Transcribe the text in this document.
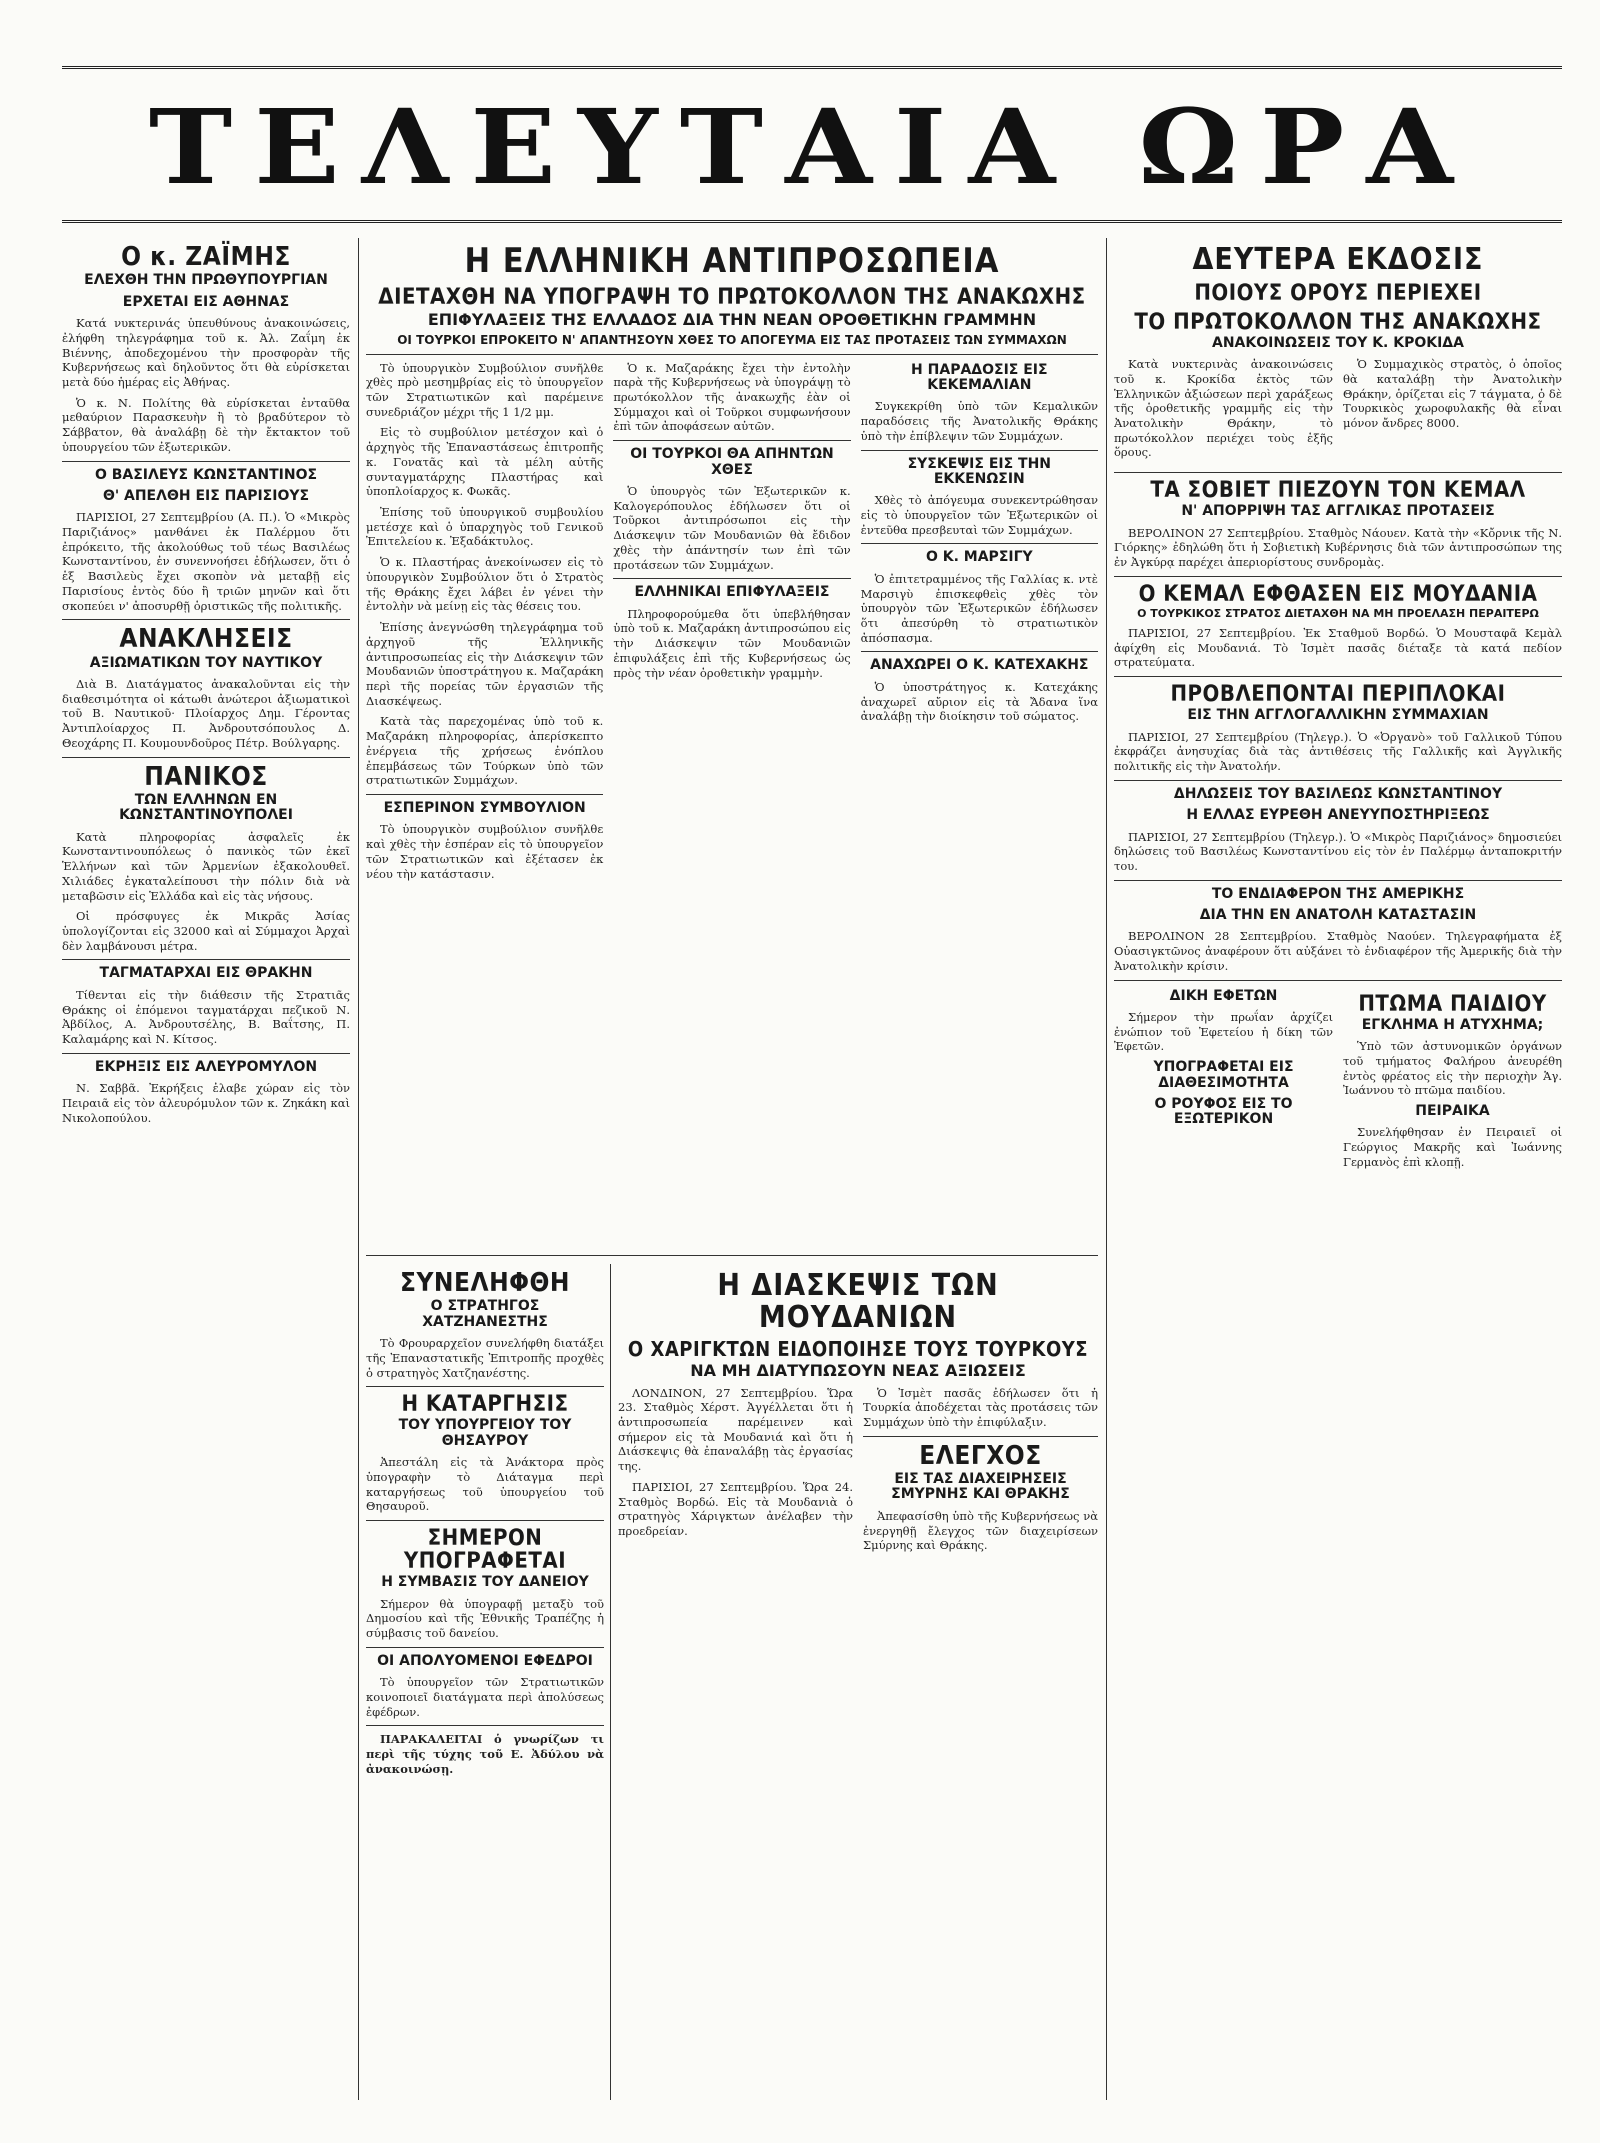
ΤΕΛΕΥΤΑΙΑ ΩΡΑ
Ο κ. ΖΑΪΜΗΣ
ΕΛΕΧΘΗ ΤΗΝ ΠΡΩΘΥΠΟΥΡΓΙΑΝ
ΕΡΧΕΤΑΙ ΕΙΣ ΑΘΗΝΑΣ

Κατά νυκτερινάς ὑπευθύνους ἀνακοινώσεις, ἐλήφθη τηλεγράφημα τοῦ κ. Ἀλ. Ζαΐμη ἐκ Βιέννης, ἀποδεχομένου τὴν προσφορὰν τῆς Κυβερνήσεως καὶ δηλοῦντος ὅτι θὰ εὑρίσκεται μετὰ δύο ἡμέρας εἰς Ἀθήνας.

Ὁ κ. Ν. Πολίτης θὰ εὑρίσκεται ἐνταῦθα μεθαύριον Παρασκευὴν ἢ τὸ βραδύτερον τὸ Σάββατον, θὰ ἀναλάβῃ δὲ τὴν ἔκτακτον τοῦ ὑπουργείου τῶν ἐξωτερικῶν.

Ο ΒΑΣΙΛΕΥΣ ΚΩΝΣΤΑΝΤΙΝΟΣ
Θ' ΑΠΕΛΘΗ ΕΙΣ ΠΑΡΙΣΙΟΥΣ

ΠΑΡΙΣΙΟΙ, 27 Σεπτεμβρίου (Α. Π.). Ὁ «Μικρὸς Παριζιάνος» μανθάνει ἐκ Παλέρμου ὅτι ἐπρόκειτο, τῆς ἀκολούθως τοῦ τέως Βασιλέως Κωνσταντίνου, ἐν συνεννοήσει ἐδήλωσεν, ὅτι ὁ ἑξ Βασιλεὺς ἔχει σκοπὸν νὰ μεταβῇ εἰς Παρισίους ἐντὸς δύο ἢ τριῶν μηνῶν καὶ ὅτι σκοπεύει ν' ἀποσυρθῇ ὁριστικῶς τῆς πολιτικῆς.

ΑΝΑΚΛΗΣΕΙΣ
ΑΞΙΩΜΑΤΙΚΩΝ ΤΟΥ ΝΑΥΤΙΚΟΥ

Διὰ Β. Διατάγματος ἀνακαλοῦνται εἰς τὴν διαθεσιμότητα οἱ κάτωθι ἀνώτεροι ἀξιωματικοὶ τοῦ Β. Ναυτικοῦ· Πλοίαρχος Δημ. Γέροντας Ἀντιπλοίαρχος Π. Ἀνδρουτσόπουλος Δ. Θεοχάρης Π. Κουμουνδοῦρος Πέτρ. Βούλγαρης.

ΠΑΝΙΚΟΣ
ΤΩΝ ΕΛΛΗΝΩΝ ΕΝ ΚΩΝΣΤΑΝΤΙΝΟΥΠΟΛΕΙ

Κατὰ πληροφορίας ἀσφαλεῖς ἐκ Κωνσταντινουπόλεως ὁ πανικὸς τῶν ἐκεῖ Ἑλλήνων καὶ τῶν Ἀρμενίων ἐξακολουθεῖ. Χιλιάδες ἐγκαταλείπουσι τὴν πόλιν διὰ νὰ μεταβῶσιν εἰς Ἑλλάδα καὶ εἰς τὰς νήσους.

Οἱ πρόσφυγες ἐκ Μικρᾶς Ἀσίας ὑπολογίζονται εἰς 32000 καὶ αἱ Σύμμαχοι Ἀρχαὶ δὲν λαμβάνουσι μέτρα.

ΤΑΓΜΑΤΑΡΧΑΙ ΕΙΣ ΘΡΑΚΗΝ

Τίθενται εἰς τὴν διάθεσιν τῆς Στρατιᾶς Θράκης οἱ ἑπόμενοι ταγματάρχαι πεζικοῦ Ν. Ἀβδίλος, Α. Ἀνδρουτσέλης, Β. Βαΐτσης, Π. Καλαμάρης καὶ Ν. Κίτσος.

ΕΚΡΗΞΙΣ ΕΙΣ ΑΛΕΥΡΟΜΥΛΟΝ

Ν. Σαββᾶ. Ἐκρήξεις ἐλαβε χώραν εἰς τὸν Πειραιᾶ εἰς τὸν ἀλευρόμυλον τῶν κ. Ζηκάκη καὶ Νικολοπούλου.

Η ΕΛΛΗΝΙΚΗ ΑΝΤΙΠΡΟΣΩΠΕΙΑ
ΔΙΕΤΑΧΘΗ ΝΑ ΥΠΟΓΡΑΨΗ ΤΟ ΠΡΩΤΟΚΟΛΛΟΝ ΤΗΣ ΑΝΑΚΩΧΗΣ
ΕΠΙΦΥΛΑΞΕΙΣ ΤΗΣ ΕΛΛΑΔΟΣ ΔΙΑ ΤΗΝ ΝΕΑΝ ΟΡΟΘΕΤΙΚΗΝ ΓΡΑΜΜΗΝ
ΟΙ ΤΟΥΡΚΟΙ ΕΠΡΟΚΕΙΤΟ Ν' ΑΠΑΝΤΗΣΟΥΝ ΧΘΕΣ ΤΟ ΑΠΟΓΕΥΜΑ ΕΙΣ ΤΑΣ ΠΡΟΤΑΣΕΙΣ ΤΩΝ ΣΥΜΜΑΧΩΝ

Τὸ ὑπουργικὸν Συμβούλιον συνῆλθε χθὲς πρὸ μεσημβρίας εἰς τὸ ὑπουργεῖον τῶν Στρατιωτικῶν καὶ παρέμεινε συνεδριάζον μέχρι τῆς 1 1/2 μμ.

Εἰς τὸ συμβούλιον μετέσχον καὶ ὁ ἀρχηγὸς τῆς Ἐπαναστάσεως ἐπιτροπῆς κ. Γονατᾶς καὶ τὰ μέλη αὐτῆς συνταγματάρχης Πλαστήρας καὶ ὑποπλοίαρχος κ. Φωκᾶς.

Ἐπίσης τοῦ ὑπουργικοῦ συμβουλίου μετέσχε καὶ ὁ ὑπαρχηγὸς τοῦ Γενικοῦ Ἐπιτελείου κ. Ἐξαδάκτυλος.

Ὁ κ. Πλαστήρας ἀνεκοίνωσεν εἰς τὸ ὑπουργικὸν Συμβούλιον ὅτι ὁ Στρατὸς τῆς Θράκης ἔχει λάβει ἐν γένει τὴν ἐντολὴν νὰ μείνῃ εἰς τὰς θέσεις του.

Ἐπίσης ἀνεγνώσθη τηλεγράφημα τοῦ ἀρχηγοῦ τῆς Ἑλληνικῆς ἀντιπροσωπείας εἰς τὴν Διάσκεψιν τῶν Μουδανιῶν ὑποστράτηγου κ. Μαζαράκη περὶ τῆς πορείας τῶν ἐργασιῶν τῆς Διασκέψεως.

Κατὰ τὰς παρεχομένας ὑπὸ τοῦ κ. Μαζαράκη πληροφορίας, ἀπερίσκεπτο ἐνέργεια τῆς χρήσεως ἐνόπλου ἐπεμβάσεως τῶν Τούρκων ὑπὸ τῶν στρατιωτικῶν Συμμάχων.

ΕΣΠΕΡΙΝΟΝ ΣΥΜΒΟΥΛΙΟΝ

Τὸ ὑπουργικὸν συμβούλιον συνῆλθε καὶ χθὲς τὴν ἑσπέραν εἰς τὸ ὑπουργεῖον τῶν Στρατιωτικῶν καὶ ἐξέτασεν ἐκ νέου τὴν κατάστασιν.

Ὁ κ. Μαζαράκης ἔχει τὴν ἐντολὴν παρὰ τῆς Κυβερνήσεως νὰ ὑπογράψῃ τὸ πρωτόκολλον τῆς ἀνακωχῆς ἐὰν οἱ Σύμμαχοι καὶ οἱ Τοῦρκοι συμφωνήσουν ἐπὶ τῶν ἀποφάσεων αὐτῶν.

ΟΙ ΤΟΥΡΚΟΙ ΘΑ ΑΠΗΝΤΩΝ ΧΘΕΣ

Ὁ ὑπουργὸς τῶν Ἐξωτερικῶν κ. Καλογερόπουλος ἐδήλωσεν ὅτι οἱ Τοῦρκοι ἀντιπρόσωποι εἰς τὴν Διάσκεψιν τῶν Μουδανιῶν θὰ ἔδιδον χθὲς τὴν ἀπάντησίν των ἐπὶ τῶν προτάσεων τῶν Συμμάχων.

ΕΛΛΗΝΙΚΑΙ ΕΠΙΦΥΛΑΞΕΙΣ

Πληροφορούμεθα ὅτι ὑπεβλήθησαν ὑπὸ τοῦ κ. Μαζαράκη ἀντιπροσώπου εἰς τὴν Διάσκεψιν τῶν Μουδανιῶν ἐπιφυλάξεις ἐπὶ τῆς Κυβερνήσεως ὡς πρὸς τὴν νέαν ὁροθετικὴν γραμμὴν.

Η ΠΑΡΑΔΟΣΙΣ ΕΙΣ ΚΕΚΕΜΑΛΙΑΝ

Συγκεκρίθη ὑπὸ τῶν Κεμαλικῶν παραδόσεις τῆς Ἀνατολικῆς Θράκης ὑπὸ τὴν ἐπίβλεψιν τῶν Συμμάχων.

ΣΥΣΚΕΨΙΣ ΕΙΣ ΤΗΝ ΕΚΚΕΝΩΣΙΝ

Χθὲς τὸ ἀπόγευμα συνεκεντρώθησαν εἰς τὸ ὑπουργεῖον τῶν Ἐξωτερικῶν οἱ ἐντεῦθα πρεσβευταὶ τῶν Συμμάχων.

Ο Κ. ΜΑΡΣΙΓΥ

Ὁ ἐπιτετραμμένος τῆς Γαλλίας κ. ντὲ Μαρσιγὺ ἐπισκεφθεὶς χθὲς τὸν ὑπουργὸν τῶν Ἐξωτερικῶν ἐδήλωσεν ὅτι ἀπεσύρθη τὸ στρατιωτικὸν ἀπόσπασμα.

ΑΝΑΧΩΡΕΙ Ο Κ. ΚΑΤΕΧΑΚΗΣ

Ὁ ὑποστράτηγος κ. Κατεχάκης ἀναχωρεῖ αὔριον εἰς τὰ Ἄδανα ἵνα ἀναλάβῃ τὴν διοίκησιν τοῦ σώματος.

ΣΥΝΕΛΗΦΘΗ
Ο ΣΤΡΑΤΗΓΟΣ ΧΑΤΖΗΑΝΕΣΤΗΣ

Τὸ Φρουραρχεῖον συνελήφθη διατάξει τῆς Ἐπαναστατικῆς Ἐπιτροπῆς προχθὲς ὁ στρατηγὸς Χατζηανέστης.

Η ΚΑΤΑΡΓΗΣΙΣ
ΤΟΥ ΥΠΟΥΡΓΕΙΟΥ ΤΟΥ ΘΗΣΑΥΡΟΥ

Ἀπεστάλη εἰς τὰ Ἀνάκτορα πρὸς ὑπογραφὴν τὸ Διάταγμα περὶ καταργήσεως τοῦ ὑπουργείου τοῦ Θησαυροῦ.

ΣΗΜΕΡΟΝ ΥΠΟΓΡΑΦΕΤΑΙ
Η ΣΥΜΒΑΣΙΣ ΤΟΥ ΔΑΝΕΙΟΥ

Σήμερον θὰ ὑπογραφῇ μεταξὺ τοῦ Δημοσίου καὶ τῆς Ἐθνικῆς Τραπέζης ἡ σύμβασις τοῦ δανείου.

ΟΙ ΑΠΟΛΥΟΜΕΝΟΙ ΕΦΕΔΡΟΙ

Τὸ ὑπουργεῖον τῶν Στρατιωτικῶν κοινοποιεῖ διατάγματα περὶ ἀπολύσεως ἐφέδρων.

ΠΑΡΑΚΑΛΕΙΤΑΙ ὁ γνωρίζων τι περὶ τῆς τύχης τοῦ Ε. Ἀδύλου νὰ ἀνακοινώσῃ.

Η ΔΙΑΣΚΕΨΙΣ ΤΩΝ ΜΟΥΔΑΝΙΩΝ
Ο ΧΑΡΙΓΚΤΩΝ ΕΙΔΟΠΟΙΗΣΕ ΤΟΥΣ ΤΟΥΡΚΟΥΣ
ΝΑ ΜΗ ΔΙΑΤΥΠΩΣΟΥΝ ΝΕΑΣ ΑΞΙΩΣΕΙΣ

ΛΟΝΔΙΝΟΝ, 27 Σεπτεμβρίου. Ὥρα 23. Σταθμὸς Χέρστ. Ἀγγέλλεται ὅτι ἡ ἀντιπροσωπεία παρέμεινεν καὶ σήμερον εἰς τὰ Μουδανιά καὶ ὅτι ἡ Διάσκεψις θὰ ἐπαναλάβῃ τὰς ἐργασίας της.

ΠΑΡΙΣΙΟΙ, 27 Σεπτεμβρίου. Ὥρα 24. Σταθμὸς Βορδώ. Εἰς τὰ Μουδανιὰ ὁ στρατηγὸς Χάριγκτων ἀνέλαβεν τὴν προεδρείαν.

Ὁ Ἰσμὲτ πασᾶς ἐδήλωσεν ὅτι ἡ Τουρκία ἀποδέχεται τὰς προτάσεις τῶν Συμμάχων ὑπὸ τὴν ἐπιφύλαξιν.

ΕΛΕΓΧΟΣ
ΕΙΣ ΤΑΣ ΔΙΑΧΕΙΡΗΣΕΙΣ ΣΜΥΡΝΗΣ ΚΑΙ ΘΡΑΚΗΣ

Ἀπεφασίσθη ὑπὸ τῆς Κυβερνήσεως νὰ ἐνεργηθῇ ἔλεγχος τῶν διαχειρίσεων Σμύρνης καὶ Θράκης.

ΔΕΥΤΕΡΑ ΕΚΔΟΣΙΣ
ΠΟΙΟΥΣ ΟΡΟΥΣ ΠΕΡΙΕΧΕΙ
ΤΟ ΠΡΩΤΟΚΟΛΛΟΝ ΤΗΣ ΑΝΑΚΩΧΗΣ
ΑΝΑΚΟΙΝΩΣΕΙΣ ΤΟΥ Κ. ΚΡΟΚΙΔΑ

Κατὰ νυκτερινὰς ἀνακοινώσεις τοῦ κ. Κροκίδα ἐκτὸς τῶν Ἑλληνικῶν ἀξιώσεων περὶ χαράξεως τῆς ὁροθετικῆς γραμμῆς εἰς τὴν Ἀνατολικὴν Θράκην, τὸ πρωτόκολλον περιέχει τοὺς ἑξῆς ὅρους.

Ὁ Συμμαχικὸς στρατὸς, ὁ ὁποῖος θὰ καταλάβῃ τὴν Ἀνατολικὴν Θράκην, ὁρίζεται εἰς 7 τάγματα, ὁ δὲ Τουρκικὸς χωροφυλακῆς θὰ εἶναι μόνον ἄνδρες 8000.

ΤΑ ΣΟΒΙΕΤ ΠΙΕΖΟΥΝ ΤΟΝ ΚΕΜΑΛ
Ν' ΑΠΟΡΡΙΨΗ ΤΑΣ ΑΓΓΛΙΚΑΣ ΠΡΟΤΑΣΕΙΣ

ΒΕΡΟΛΙΝΟΝ 27 Σεπτεμβρίου. Σταθμὸς Νάουεν. Κατὰ τὴν «Κὄρνικ τῆς Ν. Γιόρκης» ἐδηλώθη ὅτι ἡ Σοβιετικὴ Κυβέρνησις διὰ τῶν ἀντιπροσώπων της ἐν Ἀγκύρᾳ παρέχει ἀπεριορίστους συνδρομὰς.

Ο ΚΕΜΑΛ ΕΦΘΑΣΕΝ ΕΙΣ ΜΟΥΔΑΝΙΑ
Ο ΤΟΥΡΚΙΚΟΣ ΣΤΡΑΤΟΣ ΔΙΕΤΑΧΘΗ ΝΑ ΜΗ ΠΡΟΕΛΑΣΗ ΠΕΡΑΙΤΕΡΩ

ΠΑΡΙΣΙΟΙ, 27 Σεπτεμβρίου. Ἐκ Σταθμοῦ Βορδώ. Ὁ Μουσταφᾶ Κεμὰλ ἀφίχθη εἰς Μουδανιά. Τὸ Ἰσμὲτ πασᾶς διέταξε τὰ κατά πεδίον στρατεύματα.

ΠΡΟΒΛΕΠΟΝΤΑΙ ΠΕΡΙΠΛΟΚΑΙ
ΕΙΣ ΤΗΝ ΑΓΓΛΟΓΑΛΛΙΚΗΝ ΣΥΜΜΑΧΙΑΝ

ΠΑΡΙΣΙΟΙ, 27 Σεπτεμβρίου (Τηλεγρ.). Ὁ «Ὀργανὸ» τοῦ Γαλλικοῦ Τύπου ἐκφράζει ἀνησυχίας διὰ τὰς ἀντιθέσεις τῆς Γαλλικῆς καὶ Ἀγγλικῆς πολιτικῆς εἰς τὴν Ἀνατολήν.

ΔΗΛΩΣΕΙΣ ΤΟΥ ΒΑΣΙΛΕΩΣ ΚΩΝΣΤΑΝΤΙΝΟΥ
Η ΕΛΛΑΣ ΕΥΡΕΘΗ ΑΝΕΥΥΠΟΣΤΗΡΙΞΕΩΣ

ΠΑΡΙΣΙΟΙ, 27 Σεπτεμβρίου (Τηλεγρ.). Ὁ «Μικρὸς Παριζιάνος» δημοσιεύει δηλώσεις τοῦ Βασιλέως Κωνσταντίνου εἰς τὸν ἐν Παλέρμῳ ἀνταποκριτήν του.

ΤΟ ΕΝΔΙΑΦΕΡΟΝ ΤΗΣ ΑΜΕΡΙΚΗΣ
ΔΙΑ ΤΗΝ ΕΝ ΑΝΑΤΟΛΗ ΚΑΤΑΣΤΑΣΙΝ

ΒΕΡΟΛΙΝΟΝ 28 Σεπτεμβρίου. Σταθμὸς Ναούεν. Τηλεγραφήματα ἐξ Οὐασιγκτῶνος ἀναφέρουν ὅτι αὐξάνει τὸ ἐνδιαφέρον τῆς Ἀμερικῆς διὰ τὴν Ἀνατολικὴν κρίσιν.

ΔΙΚΗ ΕΦΕΤΩΝ

Σήμερον τὴν πρωΐαν ἀρχίζει ἐνώπιον τοῦ Ἐφετείου ἡ δίκη τῶν Ἐφετῶν.

ΥΠΟΓΡΑΦΕΤΑΙ ΕΙΣ ΔΙΑΘΕΣΙΜΟΤΗΤΑ
Ο ΡΟΥΦΟΣ ΕΙΣ ΤΟ ΕΞΩΤΕΡΙΚΟΝ
ΠΤΩΜΑ ΠΑΙΔΙΟΥ
ΕΓΚΛΗΜΑ Η ΑΤΥΧΗΜΑ;

Ὑπὸ τῶν ἀστυνομικῶν ὀργάνων τοῦ τμήματος Φαλήρου ἀνευρέθη ἐντὸς φρέατος εἰς τὴν περιοχὴν Ἁγ. Ἰωάννου τὸ πτῶμα παιδίου.

ΠΕΙΡΑΙΚΑ

Συνελήφθησαν ἐν Πειραιεῖ οἱ Γεώργιος Μακρῆς καὶ Ἰωάννης Γερμανὸς ἐπὶ κλοπῇ.
